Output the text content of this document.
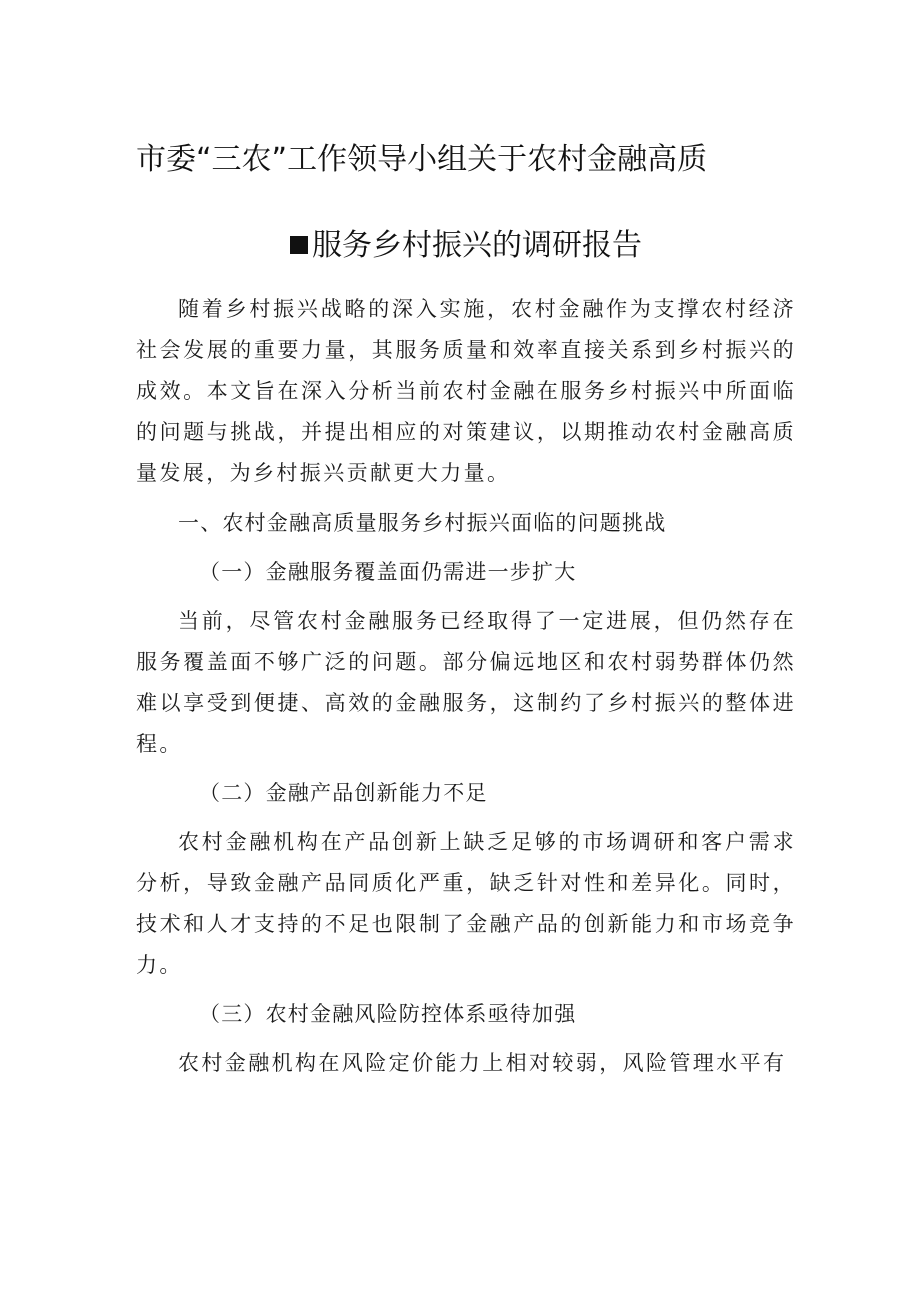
市委“三农”工作领导小组关于农村金融高质
服务乡村振兴的调研报告

随着乡村振兴战略的深入实施，农村金融作为支撑农村经济社会发展的重要力量，其服务质量和效率直接关系到乡村振兴的成效。本文旨在深入分析当前农村金融在服务乡村振兴中所面临的问题与挑战，并提出相应的对策建议，以期推动农村金融高质量发展，为乡村振兴贡献更大力量。

一、农村金融高质量服务乡村振兴面临的问题挑战

（一）金融服务覆盖面仍需进一步扩大

当前，尽管农村金融服务已经取得了一定进展，但仍然存在服务覆盖面不够广泛的问题。部分偏远地区和农村弱势群体仍然难以享受到便捷、高效的金融服务，这制约了乡村振兴的整体进程。

（二）金融产品创新能力不足

农村金融机构在产品创新上缺乏足够的市场调研和客户需求分析，导致金融产品同质化严重，缺乏针对性和差异化。同时，技术和人才支持的不足也限制了金融产品的创新能力和市场竞争力。

（三）农村金融风险防控体系亟待加强

农村金融机构在风险定价能力上相对较弱，风险管理水平有
